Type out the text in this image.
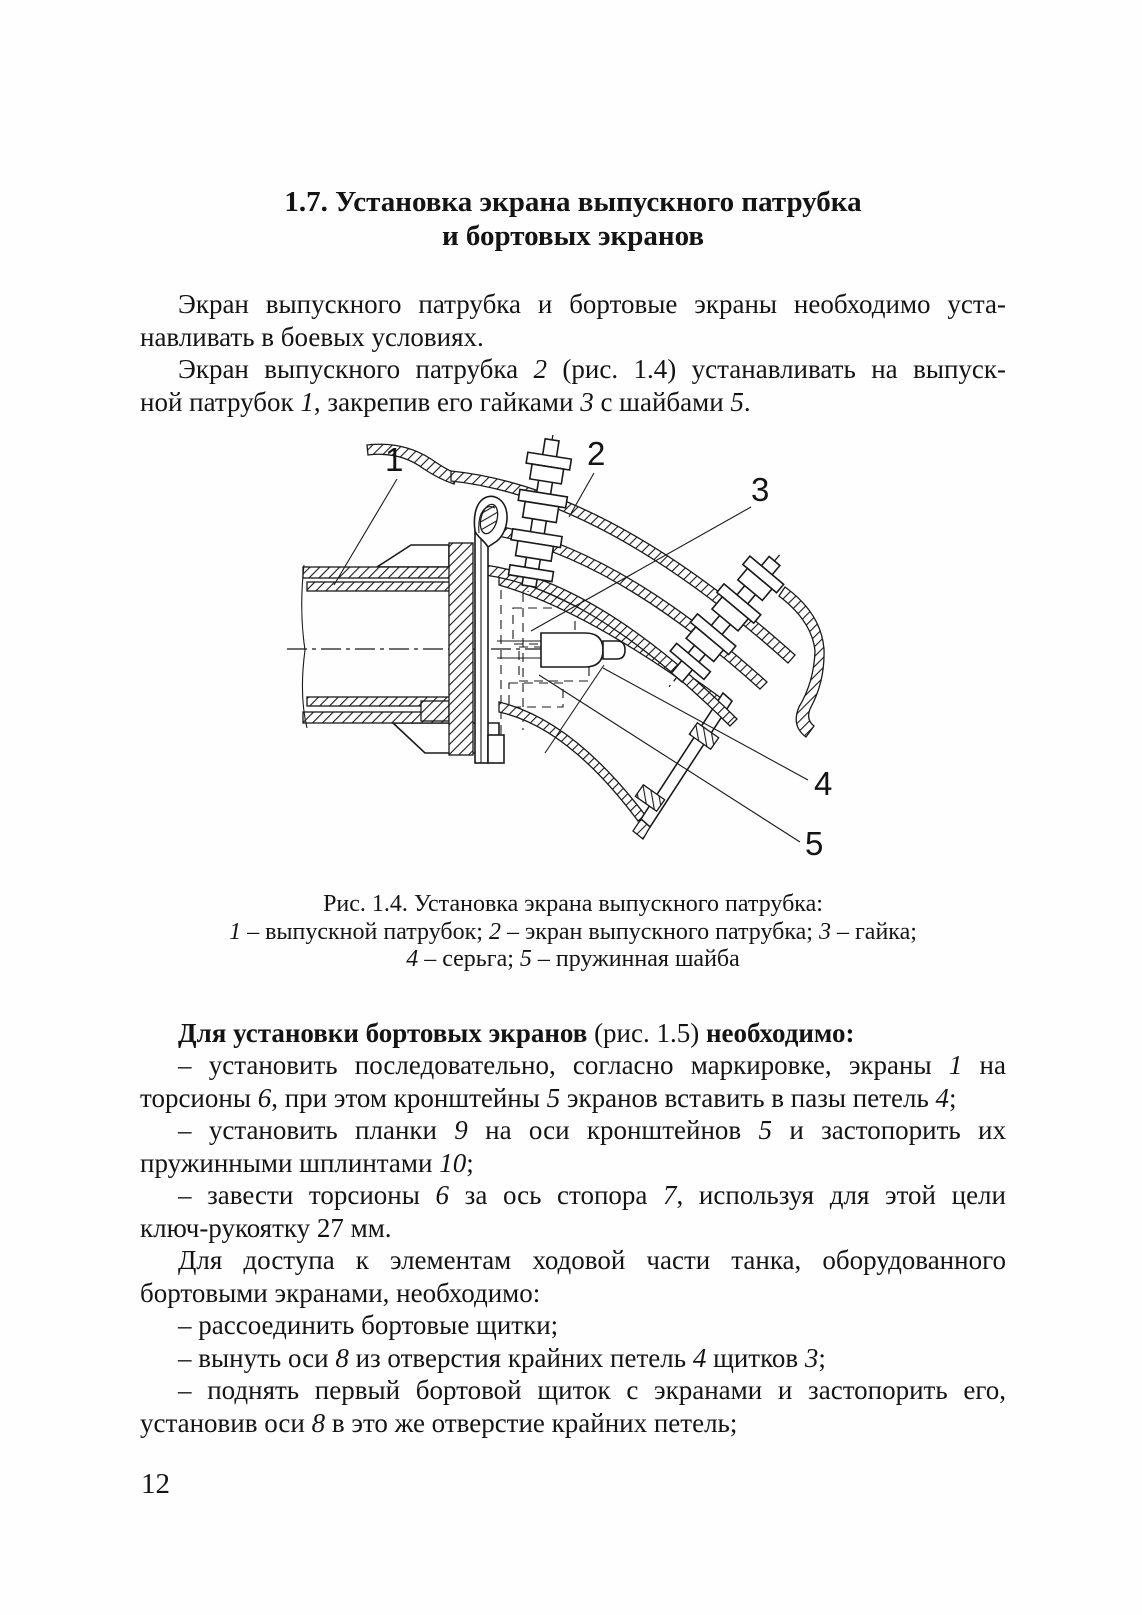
1.7. Установка экрана выпускного патрубка
и бортовых экранов
Экран выпускного патрубка и бортовые экраны необходимо уста-
навливать в боевых условиях.
Экран выпускного патрубка 2 (рис. 1.4) устанавливать на выпуск-
ной патрубок 1, закрепив его гайками 3 с шайбами 5.
1	2
3
4
5
Рис. 1.4. Установка экрана выпускного патрубка:
1 – выпускной патрубок; 2 – экран выпускного патрубка; 3 – гайка;
4 – серьга; 5 – пружинная шайба
Для установки бортовых экранов (рис. 1.5) необходимо:
– установить последовательно, согласно маркировке, экраны 1 на
торсионы 6, при этом кронштейны 5 экранов вставить в пазы петель 4;
– установить планки 9 на оси кронштейнов 5 и застопорить их
пружинными шплинтами 10;
– завести торсионы 6 за ось стопора 7, используя для этой цели
ключ-рукоятку 27 мм.
Для доступа к элементам ходовой части танка, оборудованного
бортовыми экранами, необходимо:
– рассоединить бортовые щитки;
– вынуть оси 8 из отверстия крайних петель 4 щитков 3;
– поднять первый бортовой щиток с экранами и застопорить его,
установив оси 8 в это же отверстие крайних петель;
12
